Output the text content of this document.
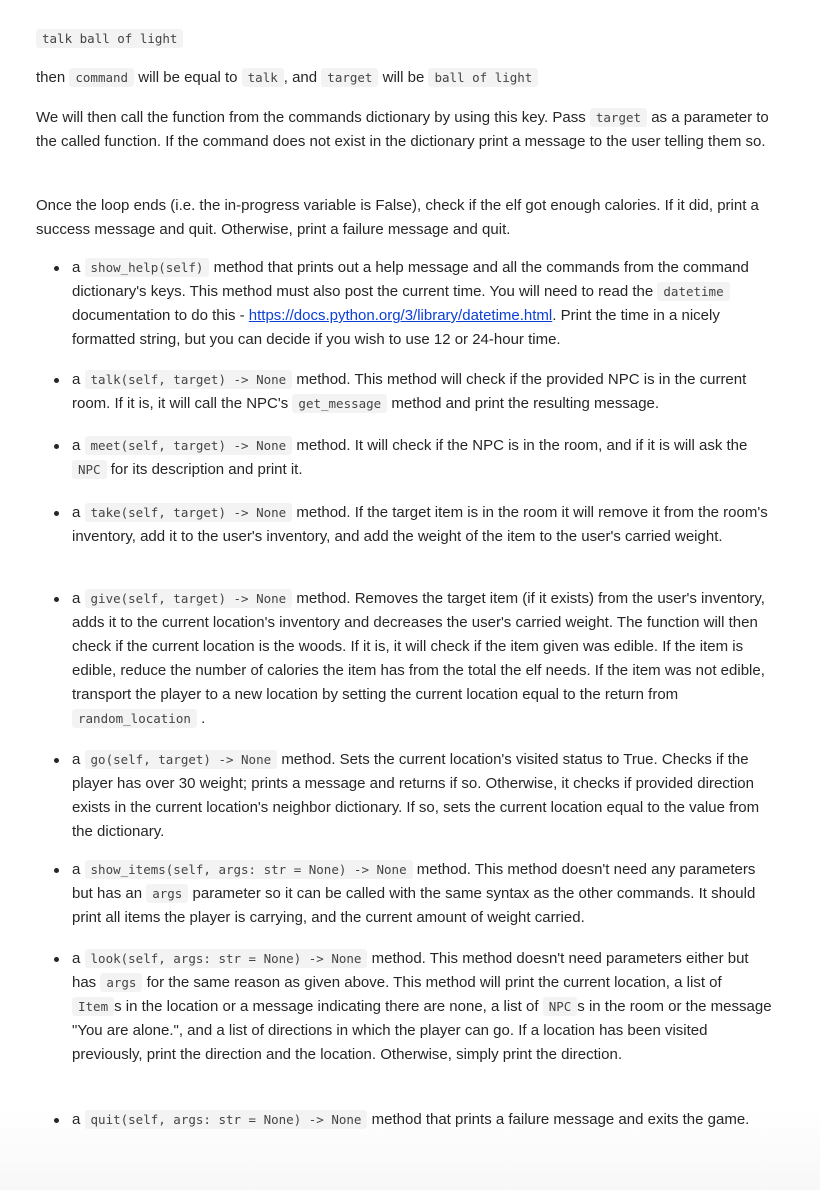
talk ball of light

then command will be equal to talk , and target will be ball of light

We will then call the function from the commands dictionary by using this key. Pass target as a parameter to the called function. If the command does not exist in the dictionary print a message to the user telling them so.

Once the loop ends (i.e. the in-progress variable is False), check if the elf got enough calories. If it did, print a success message and quit. Otherwise, print a failure message and quit.

a show_help(self) method that prints out a help message and all the commands from the command dictionary's keys. This method must also post the current time. You will need to read the datetime documentation to do this - https://docs.python.org/3/library/datetime.html. Print the time in a nicely formatted string, but you can decide if you wish to use 12 or 24-hour time.
a talk(self, target) -> None method. This method will check if the provided NPC is in the current room. If it is, it will call the NPC's get_message method and print the resulting message.
a meet(self, target) -> None method. It will check if the NPC is in the room, and if it is will ask the NPC for its description and print it.
a take(self, target) -> None method. If the target item is in the room it will remove it from the room's inventory, add it to the user's inventory, and add the weight of the item to the user's carried weight.
a give(self, target) -> None method. Removes the target item (if it exists) from the user's inventory, adds it to the current location's inventory and decreases the user's carried weight. The function will then check if the current location is the woods. If it is, it will check if the item given was edible. If the item is edible, reduce the number of calories the item has from the total the elf needs. If the item was not edible, transport the player to a new location by setting the current location equal to the return from random_location .
a go(self, target) -> None method. Sets the current location's visited status to True. Checks if the player has over 30 weight; prints a message and returns if so. Otherwise, it checks if provided direction exists in the current location's neighbor dictionary. If so, sets the current location equal to the value from the dictionary.
a show_items(self, args: str = None) -> None method. This method doesn't need any parameters but has an args parameter so it can be called with the same syntax as the other commands. It should print all items the player is carrying, and the current amount of weight carried.
a look(self, args: str = None) -> None method. This method doesn't need parameters either but has args for the same reason as given above. This method will print the current location, a list of Item s in the location or a message indicating there are none, a list of NPC s in the room or the message "You are alone.", and a list of directions in which the player can go. If a location has been visited previously, print the direction and the location. Otherwise, simply print the direction.
a quit(self, args: str = None) -> None method that prints a failure message and exits the game.
